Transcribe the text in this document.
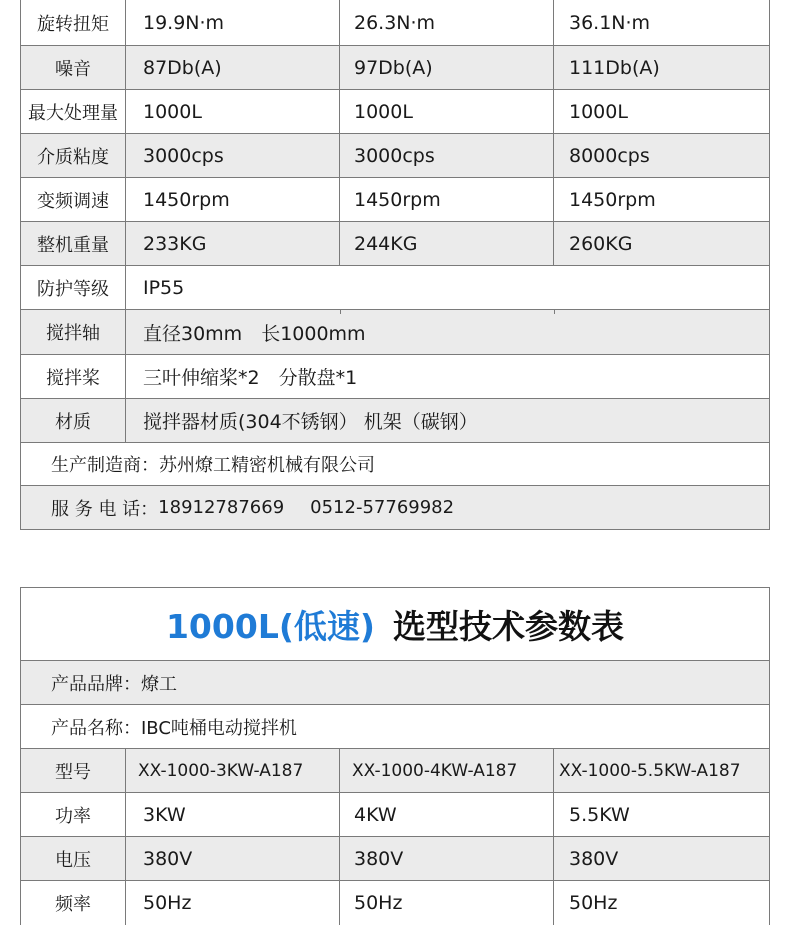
旋转扭矩	19.9N·m	26.3N·m	36.1N·m
噪音	87Db(A)	97Db(A)	111Db(A)
最大处理量	1000L	1000L	1000L
介质粘度	3000cps	3000cps	8000cps
变频调速	1450rpm	1450rpm	1450rpm
整机重量	233KG	244KG	260KG
防护等级	IP55
搅拌轴	直径30mm　长1000mm
搅拌桨	三叶伸缩桨*2　分散盘*1
材质	搅拌器材质(304不锈钢） 机架（碳钢）
生产制造商：苏州燎工精密机械有限公司
服 务 电 话： 18912787669 0512-57769982
1000L(低速) 选型技术参数表
产品品牌：燎工
产品名称：IBC吨桶电动搅拌机
型号	XX-1000-3KW-A187	XX-1000-4KW-A187	XX-1000-5.5KW-A187
功率	3KW	4KW	5.5KW
电压	380V	380V	380V
频率	50Hz	50Hz	50Hz
